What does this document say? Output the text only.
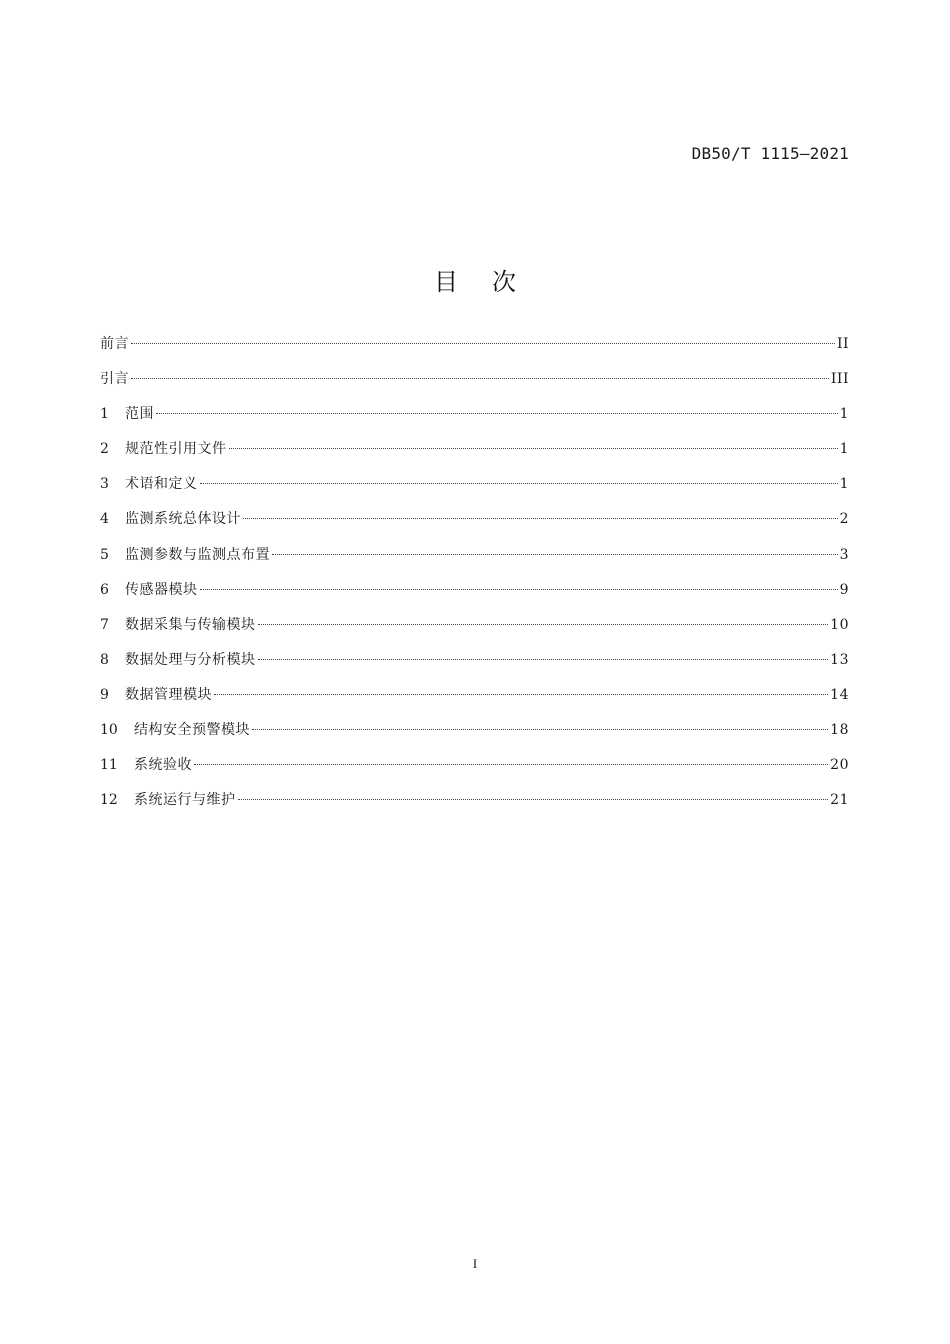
DB50/T 1115—2021
目次
前言	II
引言	III
1	范围	1
2	规范性引用文件	1
3	术语和定义	1
4	监测系统总体设计	2
5	监测参数与监测点布置	3
6	传感器模块	9
7	数据采集与传输模块	10
8	数据处理与分析模块	13
9	数据管理模块	14
10	结构安全预警模块	18
11	系统验收	20
12	系统运行与维护	21
I
